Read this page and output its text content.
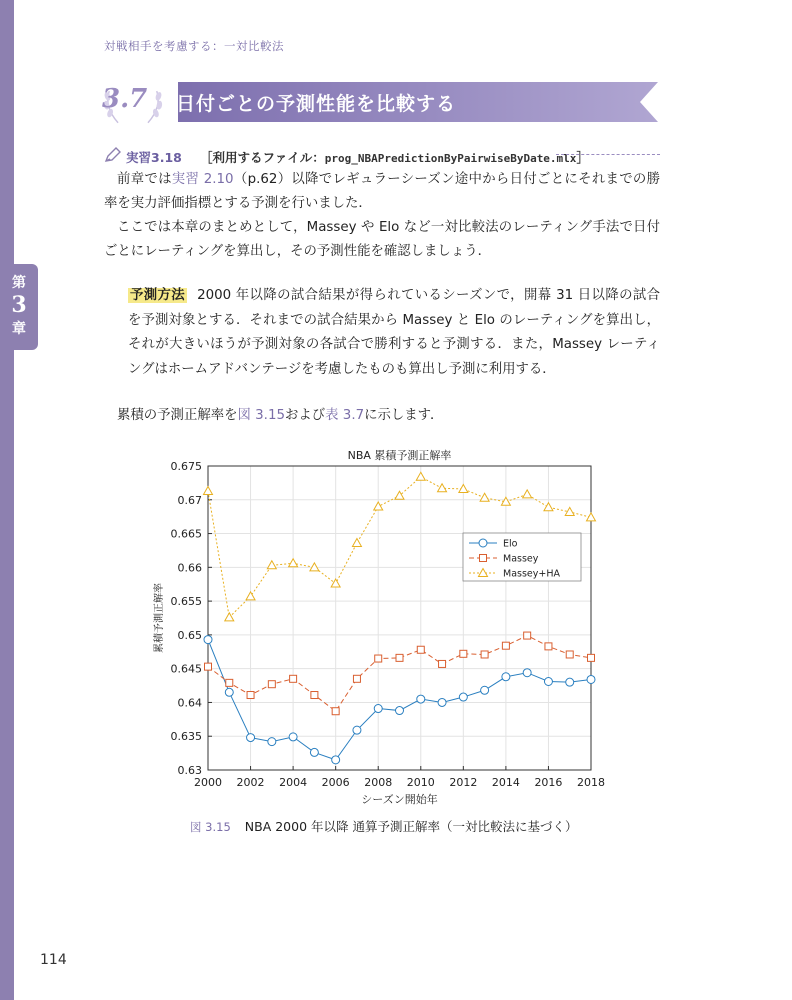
第
3
章
対戦相手を考慮する：一対比較法
3.7 日付ごとの予測性能を比較する
実習3.18 ［利用するファイル：prog_NBAPredictionByPairwiseByDate.mlx］
前章では実習 2.10（p.62）以降でレギュラーシーズン途中から日付ごとにそれまでの勝率を実力評価指標とする予測を行いました．
ここでは本章のまとめとして，Massey や Elo など一対比較法のレーティング手法で日付ごとにレーティングを算出し，その予測性能を確認しましょう．
予測方法 2000 年以降の試合結果が得られているシーズンで，開幕 31 日以降の試合を予測対象とする．それまでの試合結果から Massey と Elo のレーティングを算出し，それが大きいほうが予測対象の各試合で勝利すると予測する．また，Massey レーティングはホームアドバンテージを考慮したものも算出し予測に利用する．
累積の予測正解率を図 3.15および表 3.7に示します．
0.63
0.635
0.64
0.645
0.65
0.655
0.66
0.665
0.67
0.675
2000 2002 2004 2006 2008 2010 2012 2014 2016 2018
NBA 累積予測正解率
シーズン開始年
累積予測正解率
Elo
Massey
Massey+HA
図 3.15 NBA 2000 年以降 通算予測正解率（一対比較法に基づく）
114
